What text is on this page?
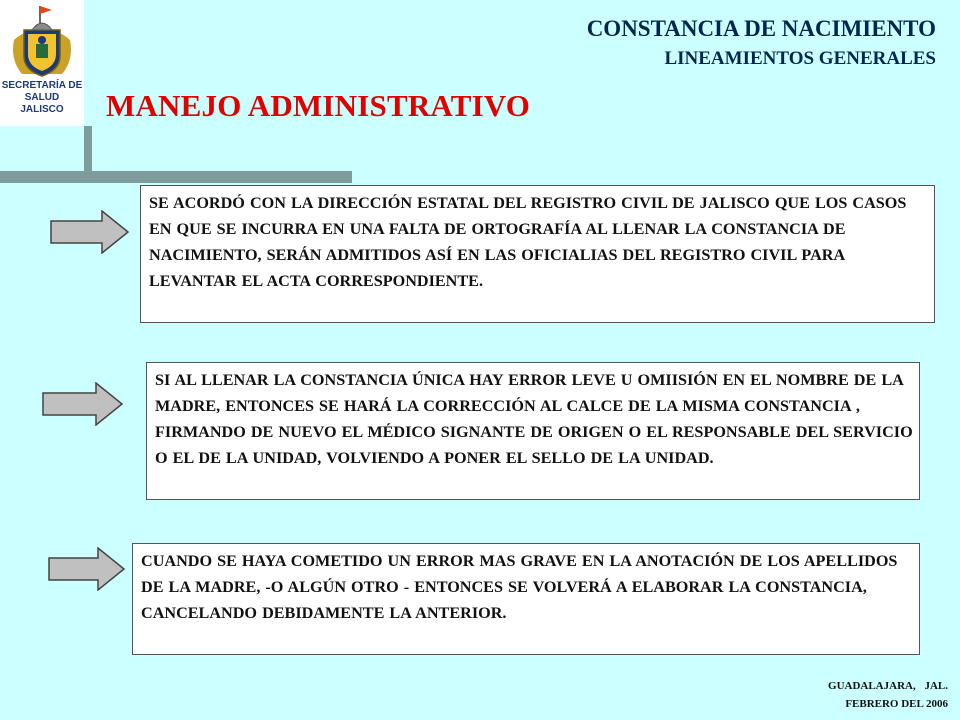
SECRETARÍA DE
SALUD
JALISCO
CONSTANCIA DE NACIMIENTO
LINEAMIENTOS GENERALES
MANEJO ADMINISTRATIVO

SE ACORDÓ CON LA DIRECCIÓN ESTATAL DEL REGISTRO CIVIL DE JALISCO QUE LOS CASOS EN QUE SE INCURRA EN UNA FALTA DE ORTOGRAFÍA AL LLENAR LA CONSTANCIA DE NACIMIENTO, SERÁN ADMITIDOS ASÍ EN LAS OFICIALIAS DEL REGISTRO CIVIL PARA LEVANTAR EL ACTA CORRESPONDIENTE.

SI AL LLENAR LA CONSTANCIA ÚNICA HAY ERROR LEVE U OMIISIÓN EN EL NOMBRE DE LA MADRE, ENTONCES SE HARÁ LA CORRECCIÓN AL CALCE DE LA MISMA CONSTANCIA , FIRMANDO DE NUEVO EL MÉDICO SIGNANTE DE ORIGEN O EL RESPONSABLE DEL SERVICIO O EL DE LA UNIDAD, VOLVIENDO A PONER EL SELLO DE LA UNIDAD.

CUANDO SE HAYA COMETIDO UN ERROR MAS GRAVE EN LA ANOTACIÓN DE LOS APELLIDOS DE LA MADRE, -O ALGÚN OTRO - ENTONCES SE VOLVERÁ A ELABORAR LA CONSTANCIA, CANCELANDO DEBIDAMENTE LA ANTERIOR.

GUADALAJARA, JAL.
FEBRERO DEL 2006
